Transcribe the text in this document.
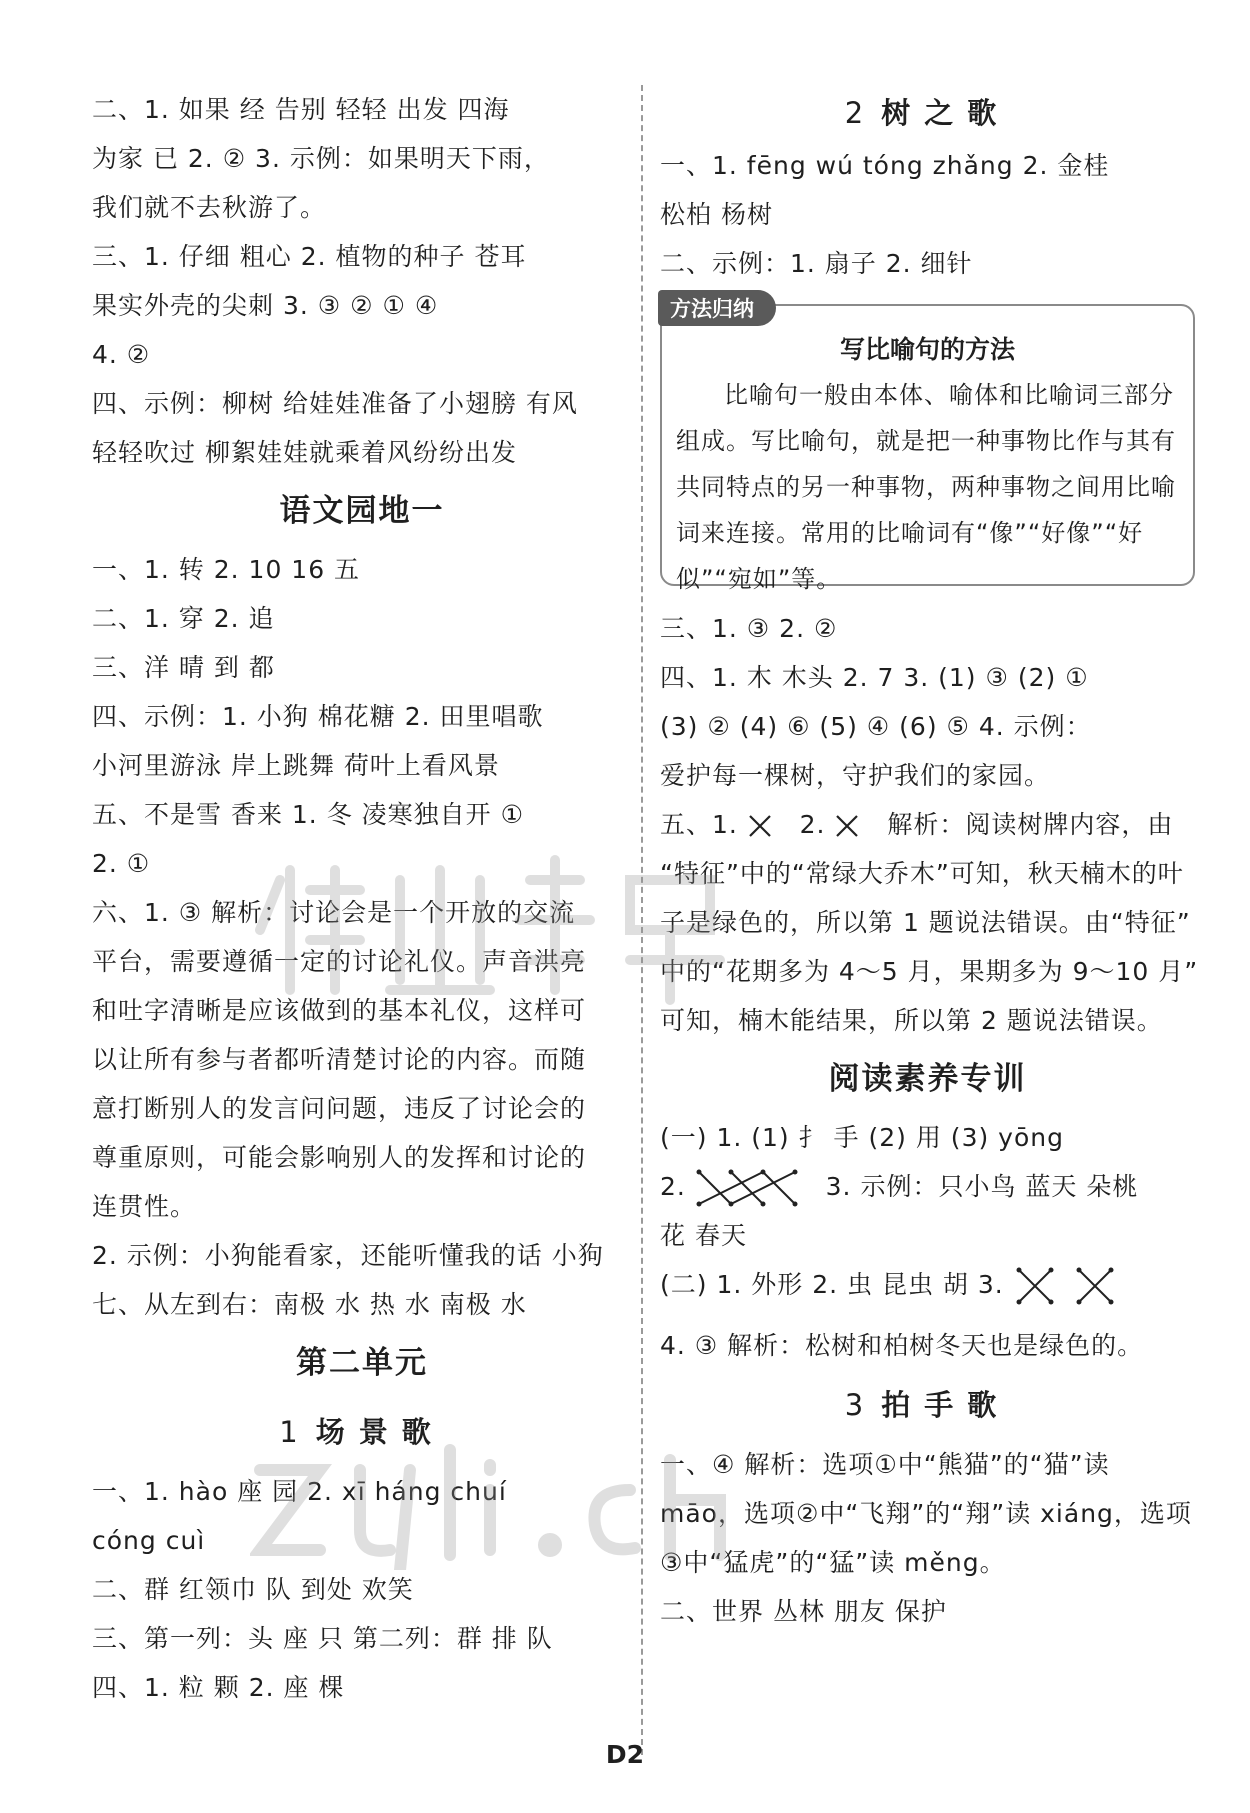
二、1. 如果 经 告别 轻轻 出发 四海
为家 已 2. ② 3. 示例：如果明天下雨，
我们就不去秋游了。
三、1. 仔细 粗心 2. 植物的种子 苍耳
果实外壳的尖刺 3. ③ ② ① ④
4. ②
四、示例：柳树 给娃娃准备了小翅膀 有风
轻轻吹过 柳絮娃娃就乘着风纷纷出发
语文园地一
一、1. 转 2. 10 16 五
二、1. 穿 2. 追
三、洋 晴 到 都
四、示例：1. 小狗 棉花糖 2. 田里唱歌
小河里游泳 岸上跳舞 荷叶上看风景
五、不是雪 香来 1. 冬 凌寒独自开 ①
2. ①
六、1. ③ 解析：讨论会是一个开放的交流
平台，需要遵循一定的讨论礼仪。声音洪亮
和吐字清晰是应该做到的基本礼仪，这样可
以让所有参与者都听清楚讨论的内容。而随
意打断别人的发言问问题，违反了讨论会的
尊重原则，可能会影响别人的发挥和讨论的
连贯性。
2. 示例：小狗能看家，还能听懂我的话 小狗
七、从左到右：南极 水 热 水 南极 水
第二单元
1 场景歌
一、1. hào 座 园 2. xī háng chuí
cóng cuì
二、群 红领巾 队 到处 欢笑
三、第一列：头 座 只 第二列：群 排 队
四、1. 粒 颗 2. 座 棵
2 树之歌
一、1. fēng wú tóng zhǎng 2. 金桂
松柏 杨树
二、示例：1. 扇子 2. 细针
方法归纳
写比喻句的方法
比喻句一般由本体、喻体和比喻词三部分组成。写比喻句，就是把一种事物比作与其有共同特点的另一种事物，两种事物之间用比喻词来连接。常用的比喻词有“像”“好像”“好似”“宛如”等。
三、1. ③ 2. ②
四、1. 木 木头 2. 7 3. (1) ③ (2) ①
(3) ② (4) ⑥ (5) ④ (6) ⑤ 4. 示例：
爱护每一棵树，守护我们的家园。
五、1. 2. 解析：阅读树牌内容，由
“特征”中的“常绿大乔木”可知，秋天楠木的叶
子是绿色的，所以第 1 题说法错误。由“特征”
中的“花期多为 4～5 月，果期多为 9～10 月”
可知，楠木能结果，所以第 2 题说法错误。
阅读素养专训
(一) 1. (1) 扌 手 (2) 用 (3) yōng
2.	3. 示例：只小鸟 蓝天 朵桃
花 春天
(二) 1. 外形 2. 虫 昆虫 胡 3.
4. ③ 解析：松树和柏树冬天也是绿色的。
3 拍手歌
一、④ 解析：选项①中“熊猫”的“猫”读
māo，选项②中“飞翔”的“翔”读 xiáng，选项
③中“猛虎”的“猛”读 měng。
二、世界 丛林 朋友 保护
D2
